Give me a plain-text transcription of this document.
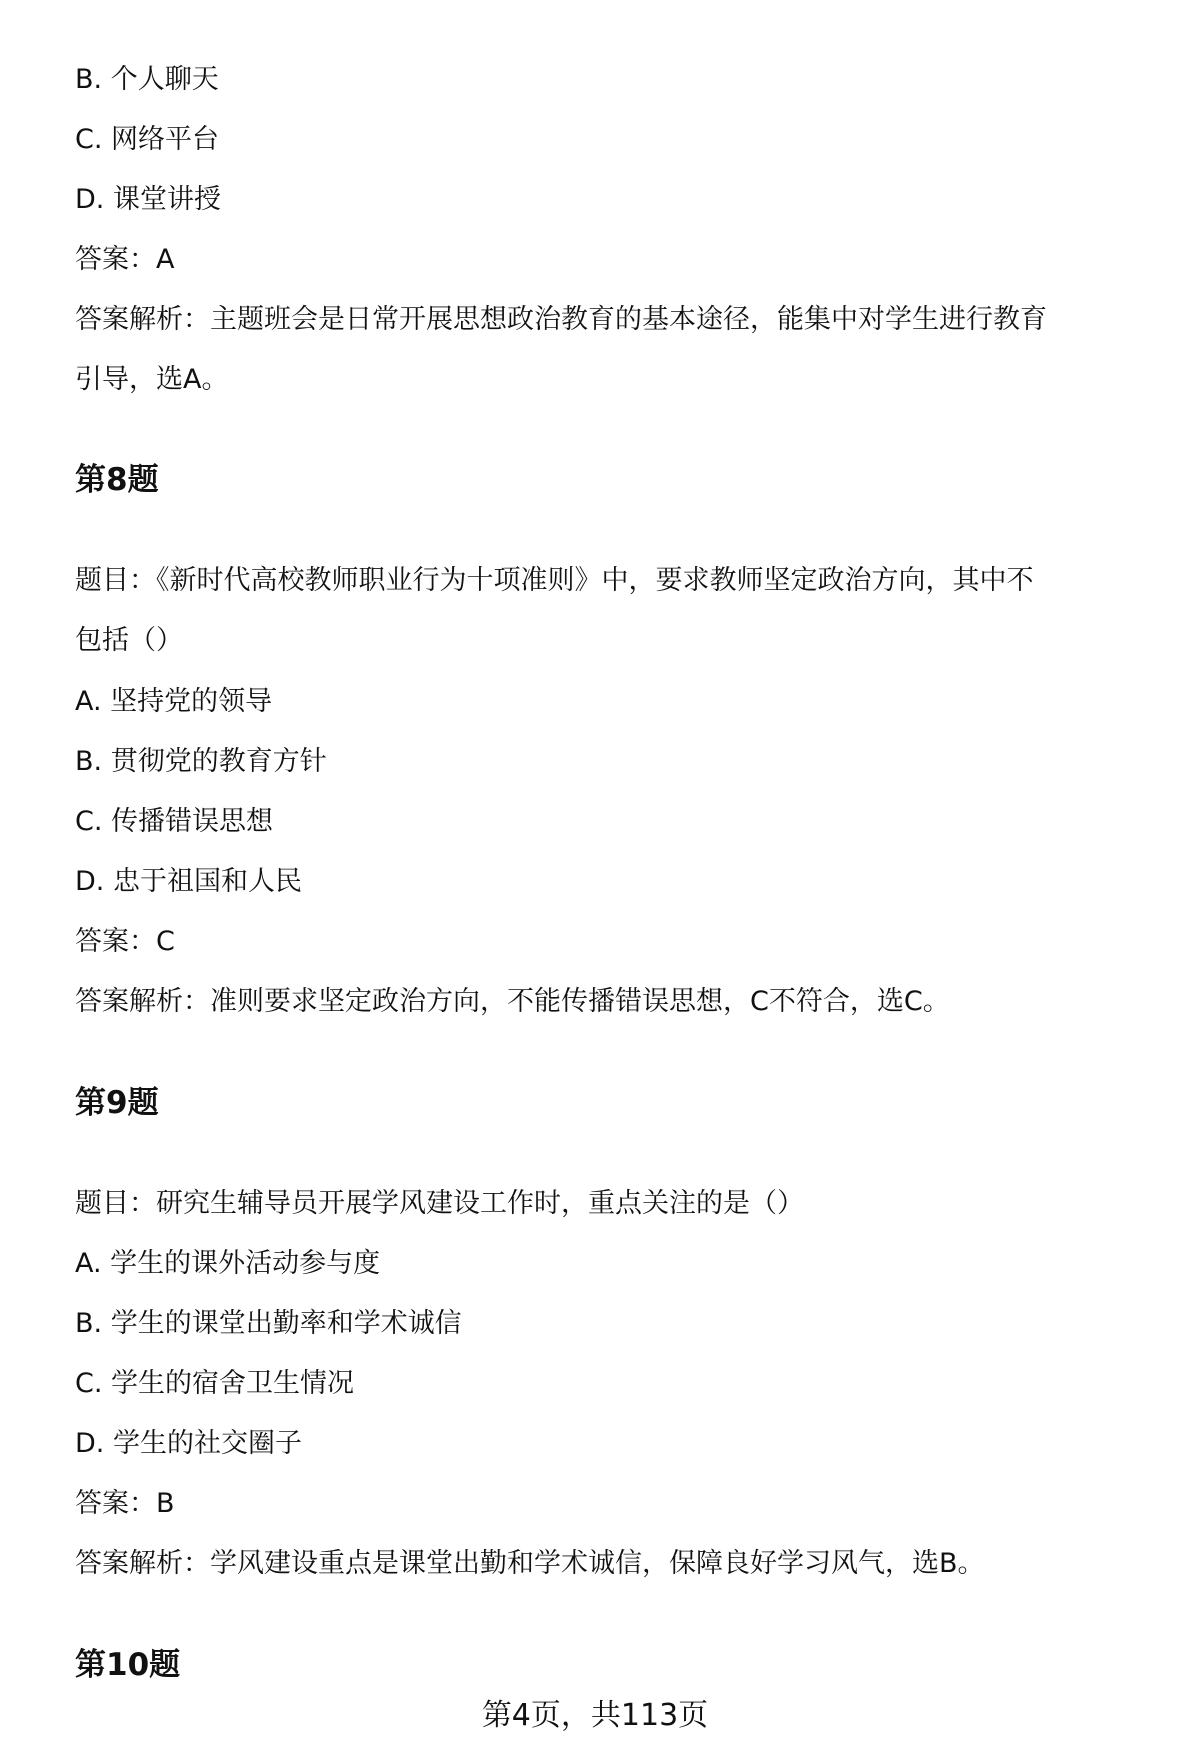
B. 个人聊天
C. 网络平台
D. 课堂讲授
答案：A
答案解析：主题班会是日常开展思想政治教育的基本途径，能集中对学生进行教育
引导，选A。
第8题
题目：《新时代高校教师职业行为十项准则》中，要求教师坚定政治方向，其中不
包括（）
A. 坚持党的领导
B. 贯彻党的教育方针
C. 传播错误思想
D. 忠于祖国和人民
答案：C
答案解析：准则要求坚定政治方向，不能传播错误思想，C不符合，选C。
第9题
题目：研究生辅导员开展学风建设工作时，重点关注的是（）
A. 学生的课外活动参与度
B. 学生的课堂出勤率和学术诚信
C. 学生的宿舍卫生情况
D. 学生的社交圈子
答案：B
答案解析：学风建设重点是课堂出勤和学术诚信，保障良好学习风气，选B。
第10题
第4页，共113页
